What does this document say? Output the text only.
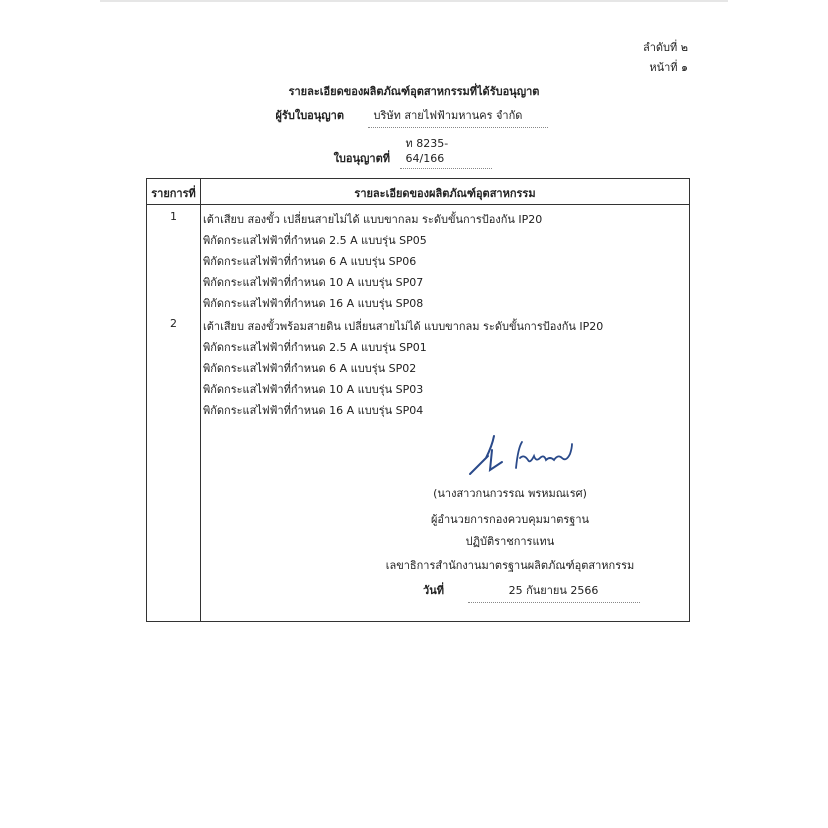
ลำดับที่ ๒
หน้าที่ ๑
รายละเอียดของผลิตภัณฑ์อุตสาหกรรมที่ได้รับอนุญาต
ผู้รับใบอนุญาต	บริษัท สายไฟฟ้ามหานคร จำกัด
ใบอนุญาตที่ ท 8235-64/166
รายการที่	รายละเอียดของผลิตภัณฑ์อุตสาหกรรม
1	เต้าเสียบ สองขั้ว เปลี่ยนสายไม่ได้ แบบขากลม ระดับขั้นการป้องกัน IP20
พิกัดกระแสไฟฟ้าที่กำหนด 2.5 A แบบรุ่น SP05
พิกัดกระแสไฟฟ้าที่กำหนด 6 A แบบรุ่น SP06
พิกัดกระแสไฟฟ้าที่กำหนด 10 A แบบรุ่น SP07
พิกัดกระแสไฟฟ้าที่กำหนด 16 A แบบรุ่น SP08
2	เต้าเสียบ สองขั้วพร้อมสายดิน เปลี่ยนสายไม่ได้ แบบขากลม ระดับขั้นการป้องกัน IP20
พิกัดกระแสไฟฟ้าที่กำหนด 2.5 A แบบรุ่น SP01
พิกัดกระแสไฟฟ้าที่กำหนด 6 A แบบรุ่น SP02
พิกัดกระแสไฟฟ้าที่กำหนด 10 A แบบรุ่น SP03
พิกัดกระแสไฟฟ้าที่กำหนด 16 A แบบรุ่น SP04
(นางสาวกนกวรรณ พรหมณเรศ)
ผู้อำนวยการกองควบคุมมาตรฐาน
ปฏิบัติราชการแทน
เลขาธิการสำนักงานมาตรฐานผลิตภัณฑ์อุตสาหกรรม
วันที่	25 กันยายน 2566
